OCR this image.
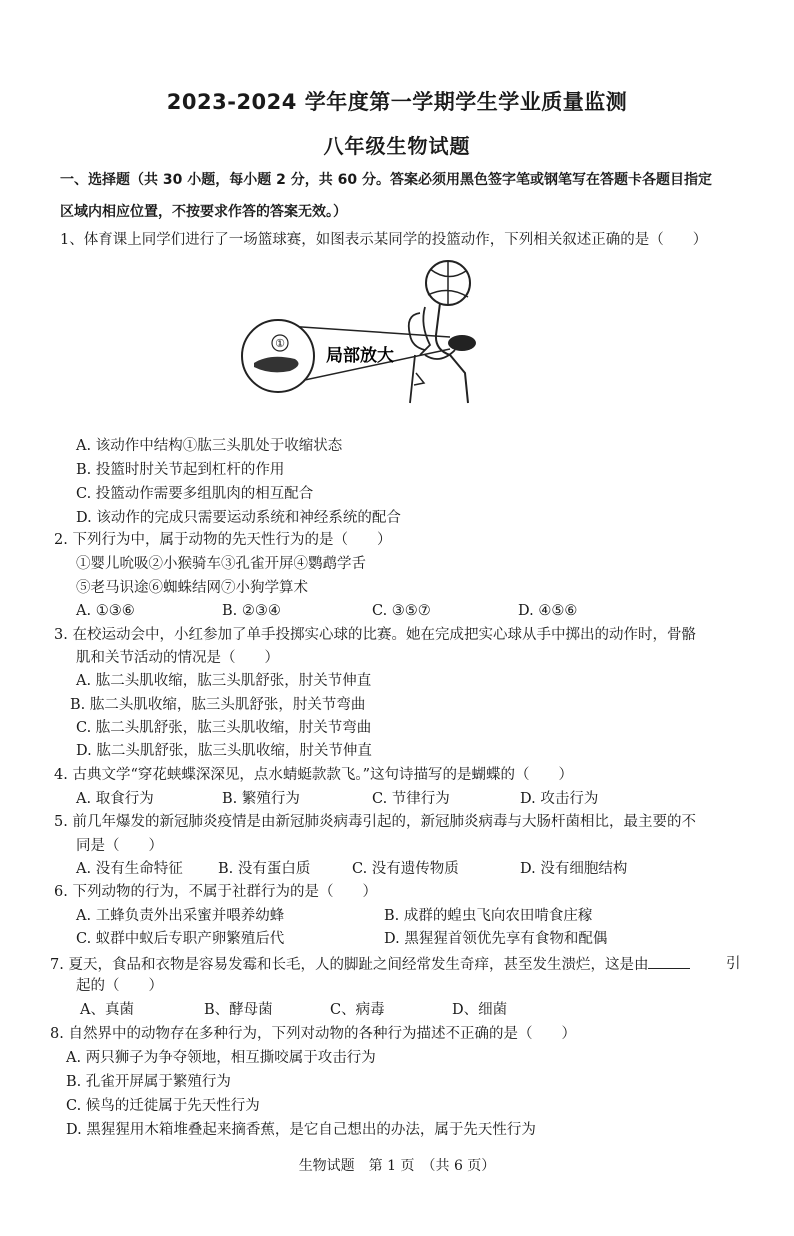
2023-2024 学年度第一学期学生学业质量监测
八年级生物试题
一、选择题（共 30 小题，每小题 2 分，共 60 分。答案必须用黑色签字笔或钢笔写在答题卡各题目指定
区域内相应位置，不按要求作答的答案无效。）
1、体育课上同学们进行了一场篮球赛，如图表示某同学的投篮动作，下列相关叙述正确的是（　　）
①
局部放大
A. 该动作中结构①肱三头肌处于收缩状态
B. 投篮时肘关节起到杠杆的作用
C. 投篮动作需要多组肌肉的相互配合
D. 该动作的完成只需要运动系统和神经系统的配合
2. 下列行为中，属于动物的先天性行为的是（　　）
①婴儿吮吸②小猴骑车③孔雀开屏④鹦鹉学舌
⑤老马识途⑥蜘蛛结网⑦小狗学算术
A. ①③⑥	B. ②③④	C. ③⑤⑦	D. ④⑤⑥
3. 在校运动会中，小红参加了单手投掷实心球的比赛。她在完成把实心球从手中掷出的动作时，骨骼
肌和关节活动的情况是（　　）
A. 肱二头肌收缩，肱三头肌舒张，肘关节伸直
B. 肱二头肌收缩，肱三头肌舒张，肘关节弯曲
C. 肱二头肌舒张，肱三头肌收缩，肘关节弯曲
D. 肱二头肌舒张，肱三头肌收缩，肘关节伸直
4. 古典文学“穿花蛱蝶深深见，点水蜻蜓款款飞。”这句诗描写的是蝴蝶的（　　）
A. 取食行为	B. 繁殖行为	C. 节律行为	D. 攻击行为
5. 前几年爆发的新冠肺炎疫情是由新冠肺炎病毒引起的，新冠肺炎病毒与大肠杆菌相比，最主要的不
同是（　　）
A. 没有生命特征 B. 没有蛋白质	C. 没有遗传物质	D. 没有细胞结构
6. 下列动物的行为，不属于社群行为的是（　　）
A. 工蜂负责外出采蜜并喂养幼蜂	B. 成群的蝗虫飞向农田啃食庄稼
C. 蚁群中蚁后专职产卵繁殖后代	D. 黑猩猩首领优先享有食物和配偶
7. 夏天，食品和衣物是容易发霉和长毛，人的脚趾之间经常发生奇痒，甚至发生溃烂，这是由	引
起的（　　）
A、真菌	B、酵母菌	C、病毒	D、细菌
8. 自然界中的动物存在多种行为，下列对动物的各种行为描述不正确的是（　　）
A. 两只狮子为争夺领地，相互撕咬属于攻击行为
B. 孔雀开屏属于繁殖行为
C. 候鸟的迁徙属于先天性行为
D. 黑猩猩用木箱堆叠起来摘香蕉，是它自己想出的办法，属于先天性行为
生物试题　第 1 页　（共 6 页）
